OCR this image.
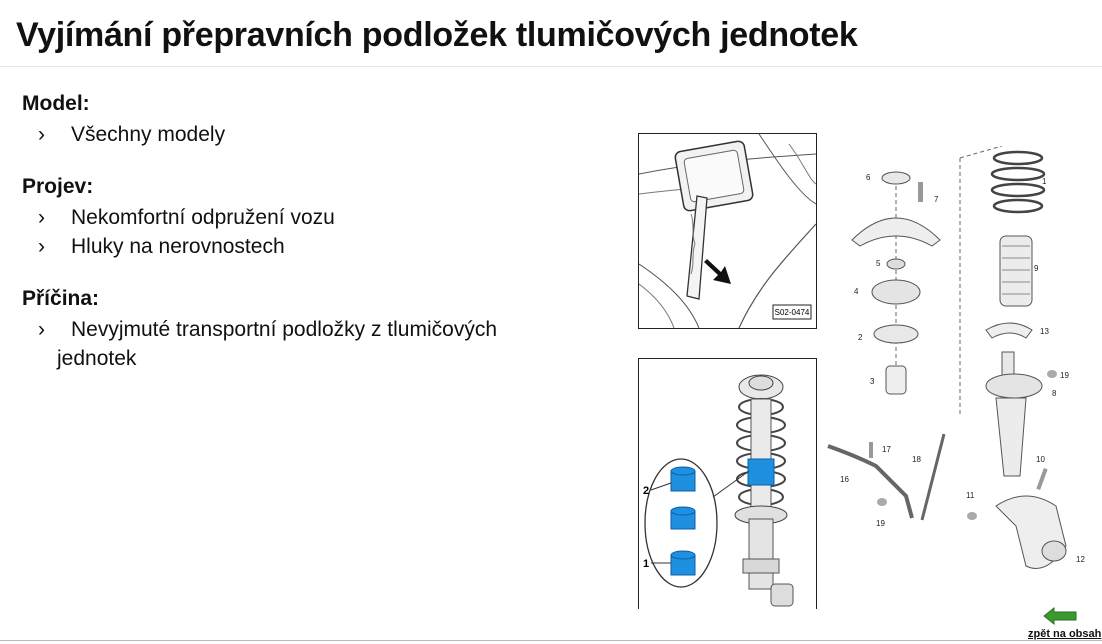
Vyjímání přepravních podložek tlumičových jednotek
Model:
› Všechny modely
Projev:
› Nekomfortní odpružení vozu
› Hluky na nerovnostech
Příčina:
› Nevyjmuté transportní podložky z tlumičových
jednotek
S02-0474
2
1
1
2
3
4
5
6
7
8
9
10
11
12
13
16
17
18
19
19
zpět na obsah
